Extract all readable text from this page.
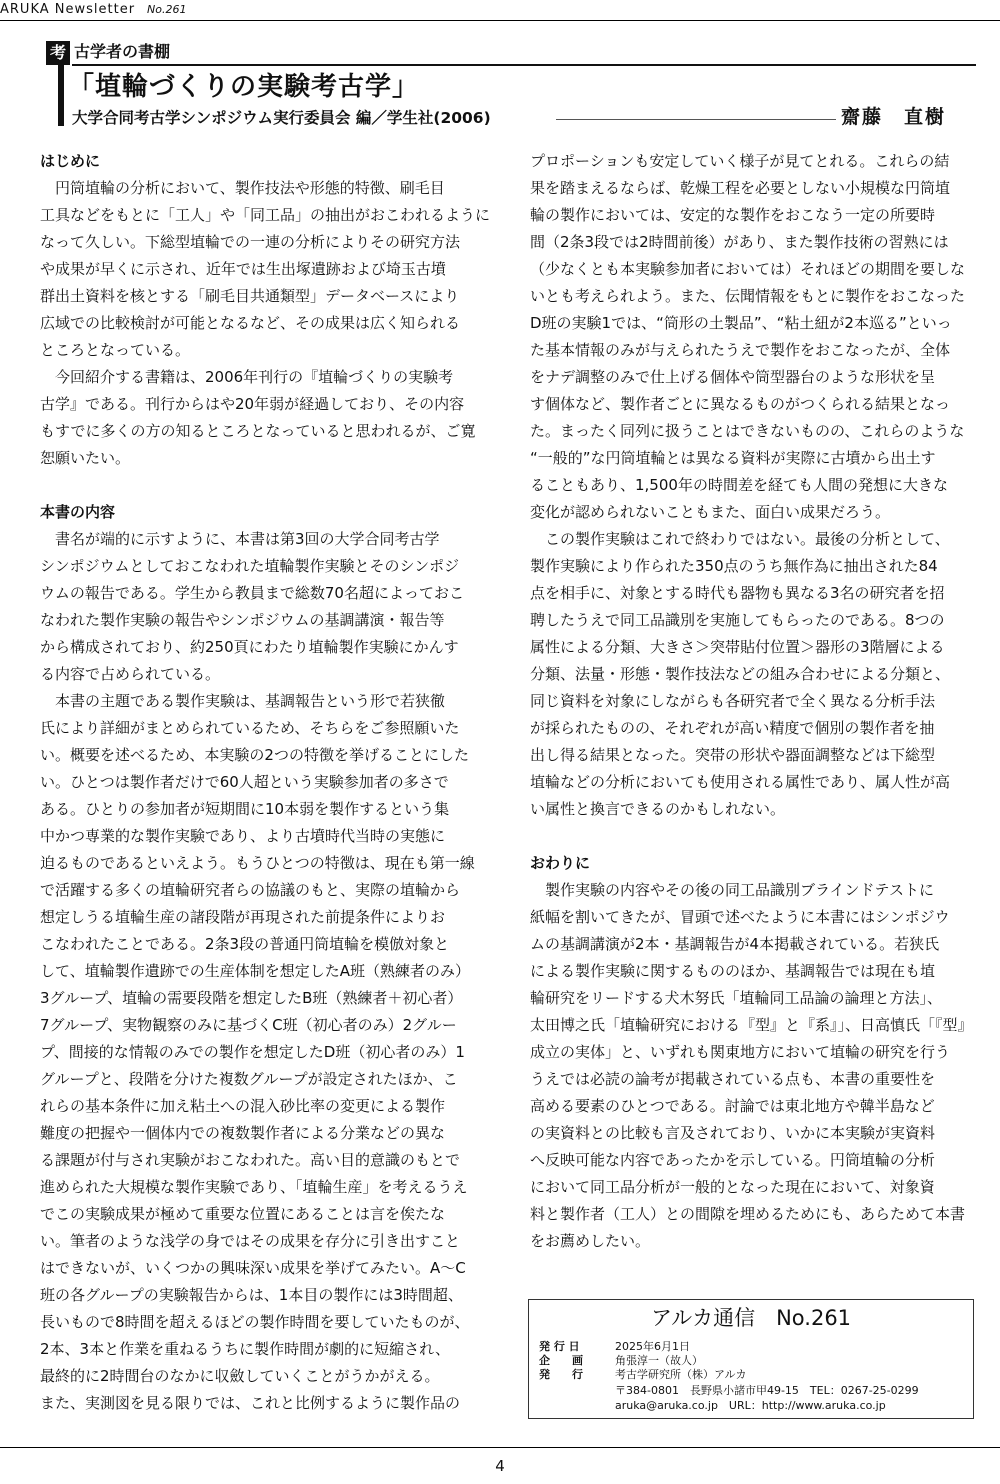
ARUKA Newsletter No.261
考 古学者の書棚
「埴輪づくりの実験考古学」
大学合同考古学シンポジウム実行委員会 編／学生社(2006)	齋藤　直樹
はじめに

　円筒埴輪の分析において、製作技法や形態的特徴、刷毛目

工具などをもとに「工人」や「同工品」の抽出がおこわれるように

なって久しい。下総型埴輪での一連の分析によりその研究方法

や成果が早くに示され、近年では生出塚遺跡および埼玉古墳

群出土資料を核とする「刷毛目共通類型」データベースにより

広域での比較検討が可能となるなど、その成果は広く知られる

ところとなっている。

　今回紹介する書籍は、2006年刊行の『埴輪づくりの実験考

古学』である。刊行からはや20年弱が経過しており、その内容

もすでに多くの方の知るところとなっていると思われるが、ご寛

恕願いたい。

本書の内容

　書名が端的に示すように、本書は第3回の大学合同考古学

シンポジウムとしておこなわれた埴輪製作実験とそのシンポジ

ウムの報告である。学生から教員まで総数70名超によっておこ

なわれた製作実験の報告やシンポジウムの基調講演・報告等

から構成されており、約250頁にわたり埴輪製作実験にかんす

る内容で占められている。

　本書の主題である製作実験は、基調報告という形で若狭徹

氏により詳細がまとめられているため、そちらをご参照願いた

い。概要を述べるため、本実験の2つの特徴を挙げることにした

い。ひとつは製作者だけで60人超という実験参加者の多さで

ある。ひとりの参加者が短期間に10本弱を製作するという集

中かつ専業的な製作実験であり、より古墳時代当時の実態に

迫るものであるといえよう。もうひとつの特徴は、現在も第一線

で活躍する多くの埴輪研究者らの協議のもと、実際の埴輪から

想定しうる埴輪生産の諸段階が再現された前提条件によりお

こなわれたことである。2条3段の普通円筒埴輪を模倣対象と

して、埴輪製作遺跡での生産体制を想定したA班（熟練者のみ）

3グループ、埴輪の需要段階を想定したB班（熟練者＋初心者）

7グループ、実物観察のみに基づくC班（初心者のみ）2グルー

プ、間接的な情報のみでの製作を想定したD班（初心者のみ）1

グループと、段階を分けた複数グループが設定されたほか、こ

れらの基本条件に加え粘土への混入砂比率の変更による製作

難度の把握や一個体内での複数製作者による分業などの異な

る課題が付与され実験がおこなわれた。高い目的意識のもとで

進められた大規模な製作実験であり、「埴輪生産」を考えるうえ

でこの実験成果が極めて重要な位置にあることは言を俟たな

い。筆者のような浅学の身ではその成果を存分に引き出すこと

はできないが、いくつかの興味深い成果を挙げてみたい。A～C

班の各グループの実験報告からは、1本目の製作には3時間超、

長いもので8時間を超えるほどの製作時間を要していたものが、

2本、3本と作業を重ねるうちに製作時間が劇的に短縮され、

最終的に2時間台のなかに収斂していくことがうかがえる。

また、実測図を見る限りでは、これと比例するように製作品の

プロポーションも安定していく様子が見てとれる。これらの結

果を踏まえるならば、乾燥工程を必要としない小規模な円筒埴

輪の製作においては、安定的な製作をおこなう一定の所要時

間（2条3段では2時間前後）があり、また製作技術の習熟には

（少なくとも本実験参加者においては）それほどの期間を要しな

いとも考えられよう。また、伝聞情報をもとに製作をおこなった

D班の実験1では、“筒形の土製品”、“粘土紐が2本巡る”といっ

た基本情報のみが与えられたうえで製作をおこなったが、全体

をナデ調整のみで仕上げる個体や筒型器台のような形状を呈

す個体など、製作者ごとに異なるものがつくられる結果となっ

た。まったく同列に扱うことはできないものの、これらのような

“一般的”な円筒埴輪とは異なる資料が実際に古墳から出土す

ることもあり、1,500年の時間差を経ても人間の発想に大きな

変化が認められないこともまた、面白い成果だろう。

　この製作実験はこれで終わりではない。最後の分析として、

製作実験により作られた350点のうち無作為に抽出された84

点を相手に、対象とする時代も器物も異なる3名の研究者を招

聘したうえで同工品識別を実施してもらったのである。8つの

属性による分類、大きさ＞突帯貼付位置＞器形の3階層による

分類、法量・形態・製作技法などの組み合わせによる分類と、

同じ資料を対象にしながらも各研究者で全く異なる分析手法

が採られたものの、それぞれが高い精度で個別の製作者を抽

出し得る結果となった。突帯の形状や器面調整などは下総型

埴輪などの分析においても使用される属性であり、属人性が高

い属性と換言できるのかもしれない。

おわりに

　製作実験の内容やその後の同工品識別ブラインドテストに

紙幅を割いてきたが、冒頭で述べたように本書にはシンポジウ

ムの基調講演が2本・基調報告が4本掲載されている。若狭氏

による製作実験に関するもののほか、基調報告では現在も埴

輪研究をリードする犬木努氏「埴輪同工品論の論理と方法」、

太田博之氏「埴輪研究における『型』と『系』」、日高慎氏「『型』

成立の実体」と、いずれも関東地方において埴輪の研究を行う

うえでは必読の論考が掲載されている点も、本書の重要性を

高める要素のひとつである。討論では東北地方や韓半島など

の実資料との比較も言及されており、いかに本実験が実資料

へ反映可能な内容であったかを示している。円筒埴輪の分析

において同工品分析が一般的となった現在において、対象資

料と製作者（工人）との間隙を埋めるためにも、あらためて本書

をお薦めしたい。

アルカ通信　No.261
発 行 日	2025年6月1日
企　　画	角張淳一（故人）
発　　行	考古学研究所（株）アルカ
〒384-0801　長野県小諸市甲49-15　TEL：0267-25-0299
aruka@aruka.co.jp　URL：http://www.aruka.co.jp
4
